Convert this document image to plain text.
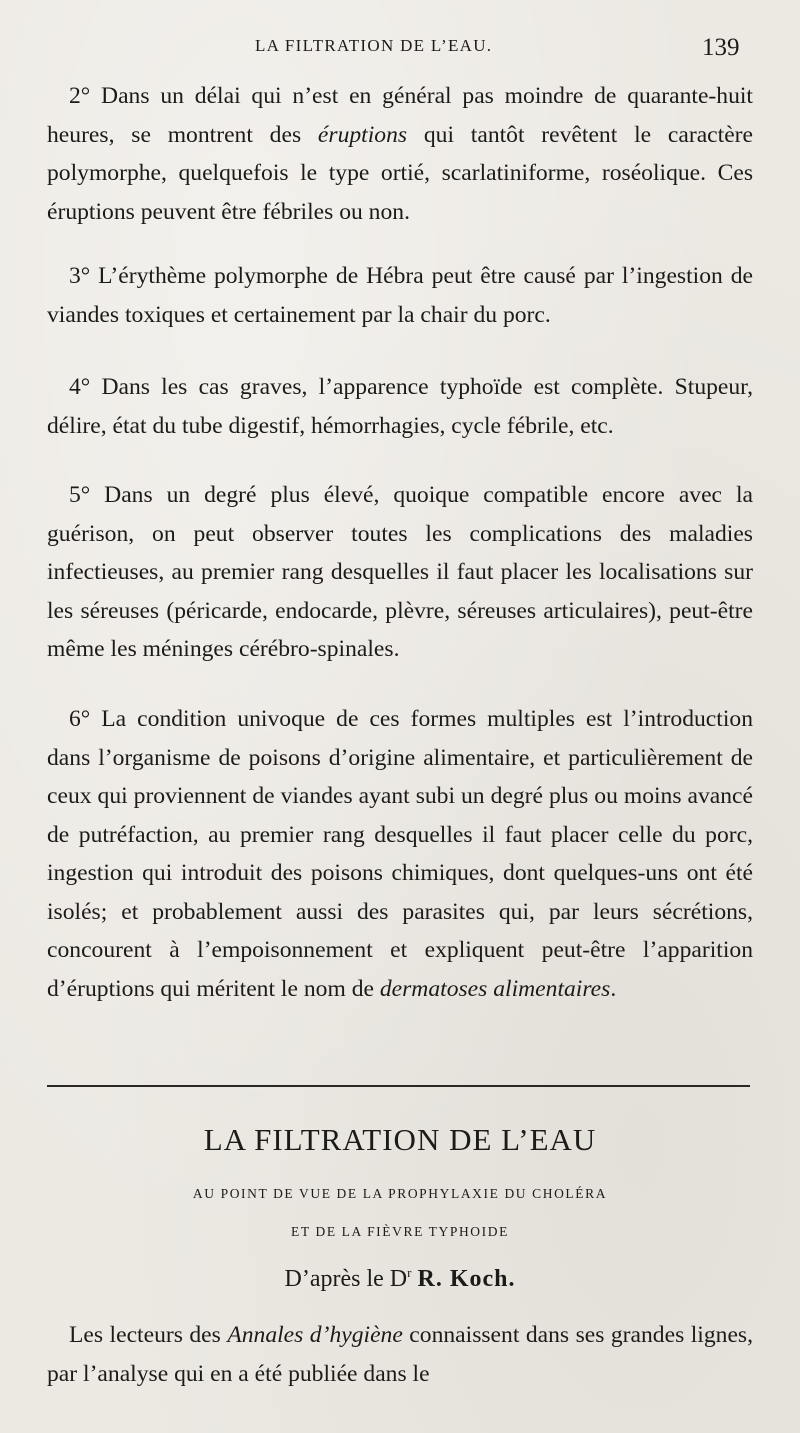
LA FILTRATION DE L’EAU.	139

2° Dans un délai qui n’est en général pas moindre de quarante-huit heures, se montrent des éruptions qui tantôt revêtent le caractère polymorphe, quelquefois le type ortié, scarlatiniforme, roséolique. Ces éruptions peuvent être fébriles ou non.

3° L’érythème polymorphe de Hébra peut être causé par l’ingestion de viandes toxiques et certainement par la chair du porc.

4° Dans les cas graves, l’apparence typhoïde est complète. Stupeur, délire, état du tube digestif, hémorrhagies, cycle fébrile, etc.

5° Dans un degré plus élevé, quoique compatible encore avec la guérison, on peut observer toutes les complications des maladies infectieuses, au premier rang desquelles il faut placer les localisations sur les séreuses (péricarde, endocarde, plèvre, séreuses articulaires), peut-être même les méninges cérébro-spinales.

6° La condition univoque de ces formes multiples est l’introduction dans l’organisme de poisons d’origine alimentaire, et particulièrement de ceux qui proviennent de viandes ayant subi un degré plus ou moins avancé de putréfaction, au premier rang desquelles il faut placer celle du porc, ingestion qui introduit des poisons chimiques, dont quelques-uns ont été isolés; et probablement aussi des parasites qui, par leurs sécrétions, concourent à l’empoisonnement et expliquent peut-être l’apparition d’éruptions qui méritent le nom de dermatoses alimentaires.

LA FILTRATION DE L’EAU

AU POINT DE VUE DE LA PROPHYLAXIE DU CHOLÉRA

ET DE LA FIÈVRE TYPHOIDE

D’après le $D^r$ R. Koch.

Les lecteurs des Annales d’hygiène connaissent dans ses grandes lignes, par l’analyse qui en a été publiée dans le
